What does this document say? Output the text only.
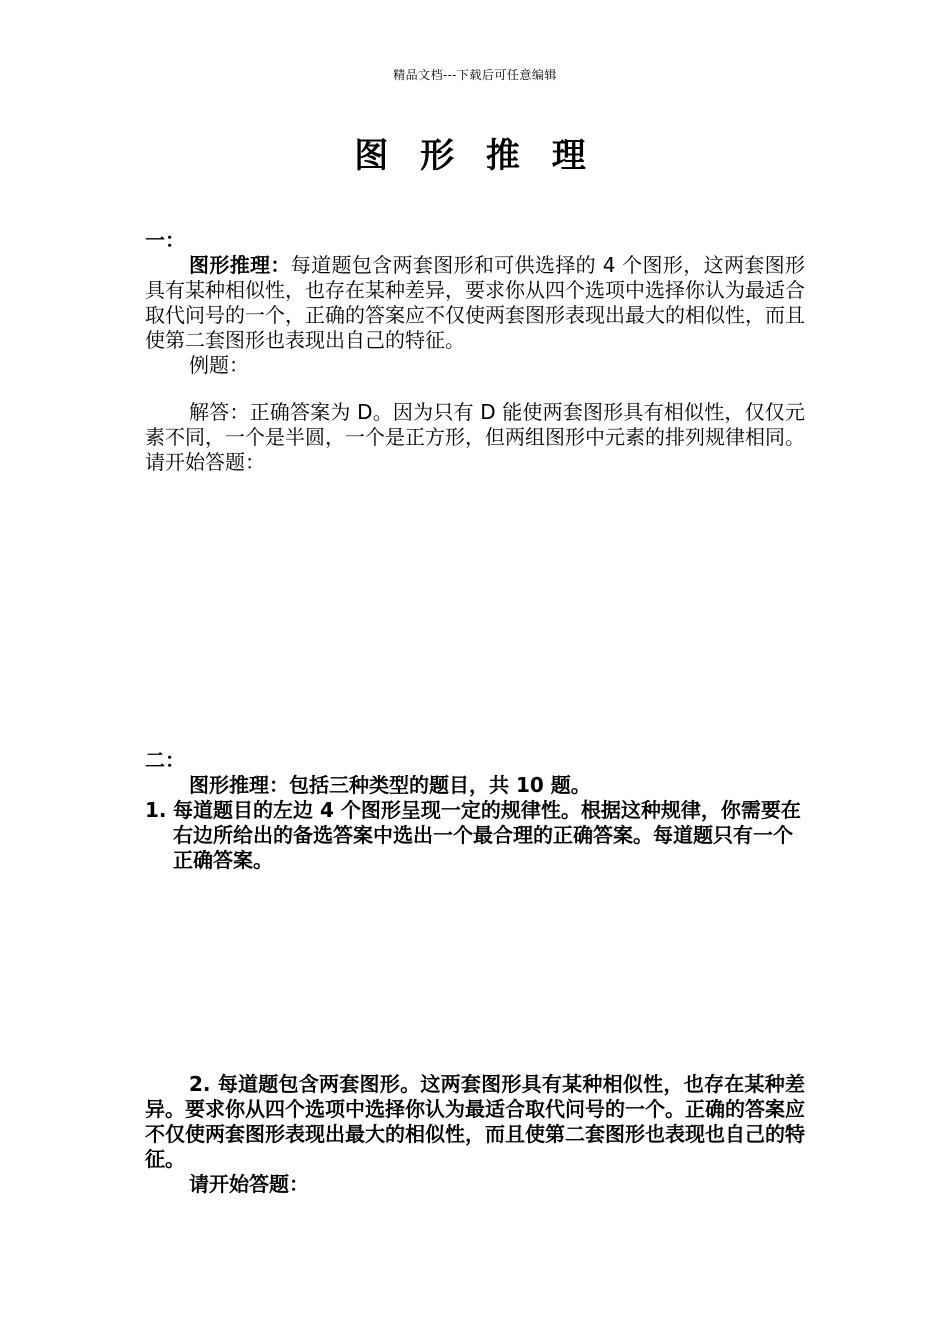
精品文档---下载后可任意编辑
图 形 推 理

一：

图形推理：每道题包含两套图形和可供选择的 4 个图形，这两套图形具有某种相似性，也存在某种差异，要求你从四个选项中选择你认为最适合取代问号的一个，正确的答案应不仅使两套图形表现出最大的相似性，而且使第二套图形也表现出自己的特征。

例题：

解答：正确答案为 D。因为只有 D 能使两套图形具有相似性，仅仅元素不同，一个是半圆，一个是正方形，但两组图形中元素的排列规律相同。

请开始答题：

二：

图形推理：包括三种类型的题目，共 10 题。

1. 每道题目的左边 4 个图形呈现一定的规律性。根据这种规律，你需要在右边所给出的备选答案中选出一个最合理的正确答案。每道题只有一个正确答案。

2. 每道题包含两套图形。这两套图形具有某种相似性，也存在某种差异。要求你从四个选项中选择你认为最适合取代问号的一个。正确的答案应不仅使两套图形表现出最大的相似性，而且使第二套图形也表现也自己的特征。

请开始答题：
